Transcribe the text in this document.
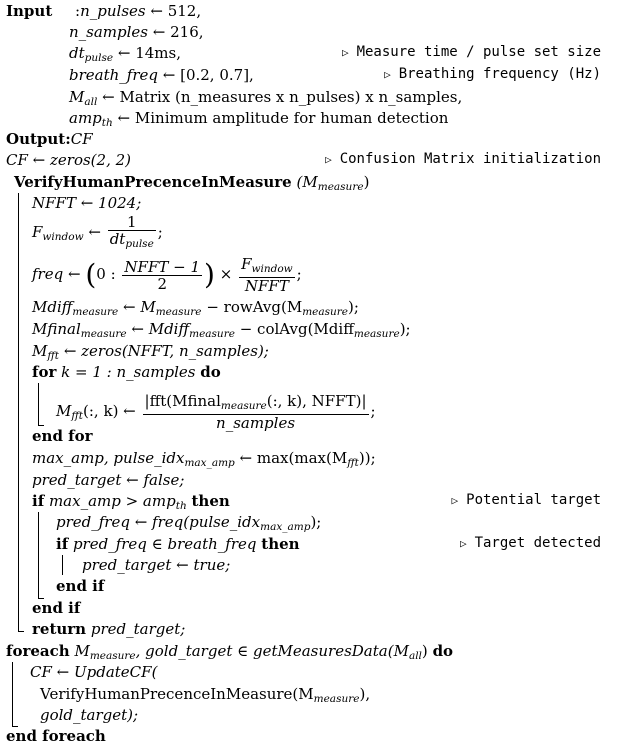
Input :n_pulses ← 512,
n_samples ← 216,
$dt_{pulse}$ ← 14ms,	▷ Measure time / pulse set size
breath_freq ← [0.2, 0.7],	▷ Breathing frequency (Hz)
$M_{all}$ ← Matrix (n_measures x n_pulses) x n_samples,
amp$_{th}$ ← Minimum amplitude for human detection
Output:CF
CF ← zeros(2, 2)	▷ Confusion Matrix initialization
VerifyHumanPrecenceInMeasure $(M_{measure})$
NFFT ← 1024;
$F_{window}$ ← $\frac{1}{dt_{pulse}}$ ;
freq ← (0 : $\frac{\text{NFFT − 1}}{2}$ ) × $\frac{F_{window}}{\text{NFFT}}$ ;
Mdiff$_{measure}$ ← $M_{measure}$ − $rowAvg(M_{measure})$;
Mfinal$_{measure}$ ← Mdiff$_{measure}$ − colAvg(Mdiff$_{measure}$);
$M_{fft}$ ← zeros(NFFT, n_samples);
for k = 1 : n_samples do
$M_{fft}$(:, k) ← $\frac{|fft(Mfinal_{measure}(:, k), NFFT)|}{\text{n\_samples}}$ ;
end for
max_amp, pulse_idx$_{max\_amp}$ ← $\max(\max(M_{fft}))$;
pred_target ← false;
if max_amp > amp$_{th}$ then	▷ Potential target
pred_freq ← freq(pulse_idx$_{max\_amp}$);
if pred_freq ∈ breath_freq then	▷ Target detected
pred_target ← true;
end if
end if
return pred_target;
foreach $M_{measure}$, gold_target ∈ $getMeasuresData(M_{all})$ do
CF ← UpdateCF(
$VerifyHumanPrecenceInMeasure(M_{measure})$,
gold_target);
end foreach
